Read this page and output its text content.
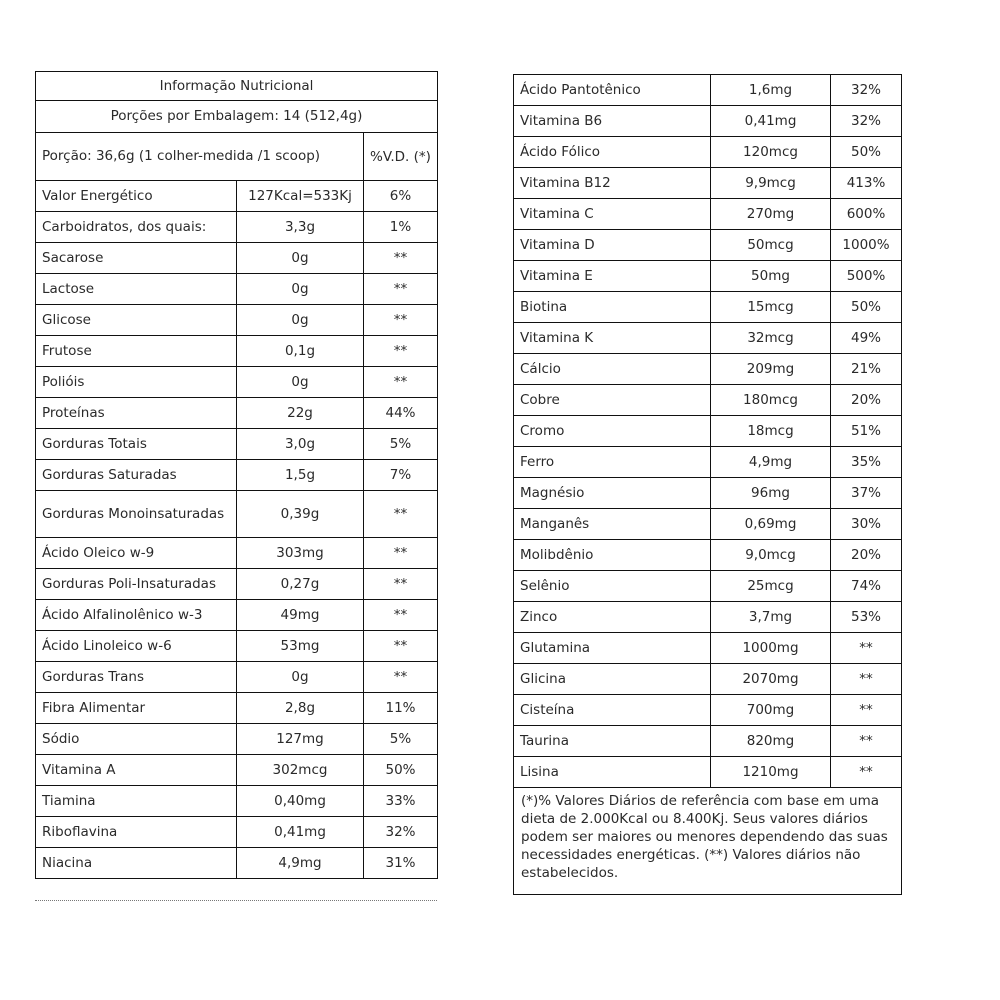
Informação Nutricional		
Porções por Embalagem: 14 (512,4g)		
Porção: 36,6g (1 colher-medida /1 scoop)		%V.D. (*)
Valor Energético	127Kcal=533Kj	6%
Carboidratos, dos quais:	3,3g	1%
Sacarose	0g	**
Lactose	0g	**
Glicose	0g	**
Frutose	0,1g	**
Polióis	0g	**
Proteínas	22g	44%
Gorduras Totais	3,0g	5%
Gorduras Saturadas	1,5g	7%
Gorduras Monoinsaturadas	0,39g	**
Ácido Oleico w-9	303mg	**
Gorduras Poli-Insaturadas	0,27g	**
Ácido Alfalinolênico w-3	49mg	**
Ácido Linoleico w-6	53mg	**
Gorduras Trans	0g	**
Fibra Alimentar	2,8g	11%
Sódio	127mg	5%
Vitamina A	302mcg	50%
Tiamina	0,40mg	33%
Riboflavina	0,41mg	32%
Niacina	4,9mg	31%
Ácido Pantotênico	1,6mg	32%
Vitamina B6	0,41mg	32%
Ácido Fólico	120mcg	50%
Vitamina B12	9,9mcg	413%
Vitamina C	270mg	600%
Vitamina D	50mcg	1000%
Vitamina E	50mg	500%
Biotina	15mcg	50%
Vitamina K	32mcg	49%
Cálcio	209mg	21%
Cobre	180mcg	20%
Cromo	18mcg	51%
Ferro	4,9mg	35%
Magnésio	96mg	37%
Manganês	0,69mg	30%
Molibdênio	9,0mcg	20%
Selênio	25mcg	74%
Zinco	3,7mg	53%
Glutamina	1000mg	**
Glicina	2070mg	**
Cisteína	700mg	**
Taurina	820mg	**
Lisina	1210mg	**
(*)% Valores Diários de referência com base em uma dieta de 2.000Kcal ou 8.400Kj. Seus valores diários podem ser maiores ou menores dependendo das suas necessidades energéticas. (**) Valores diários não estabelecidos.		
